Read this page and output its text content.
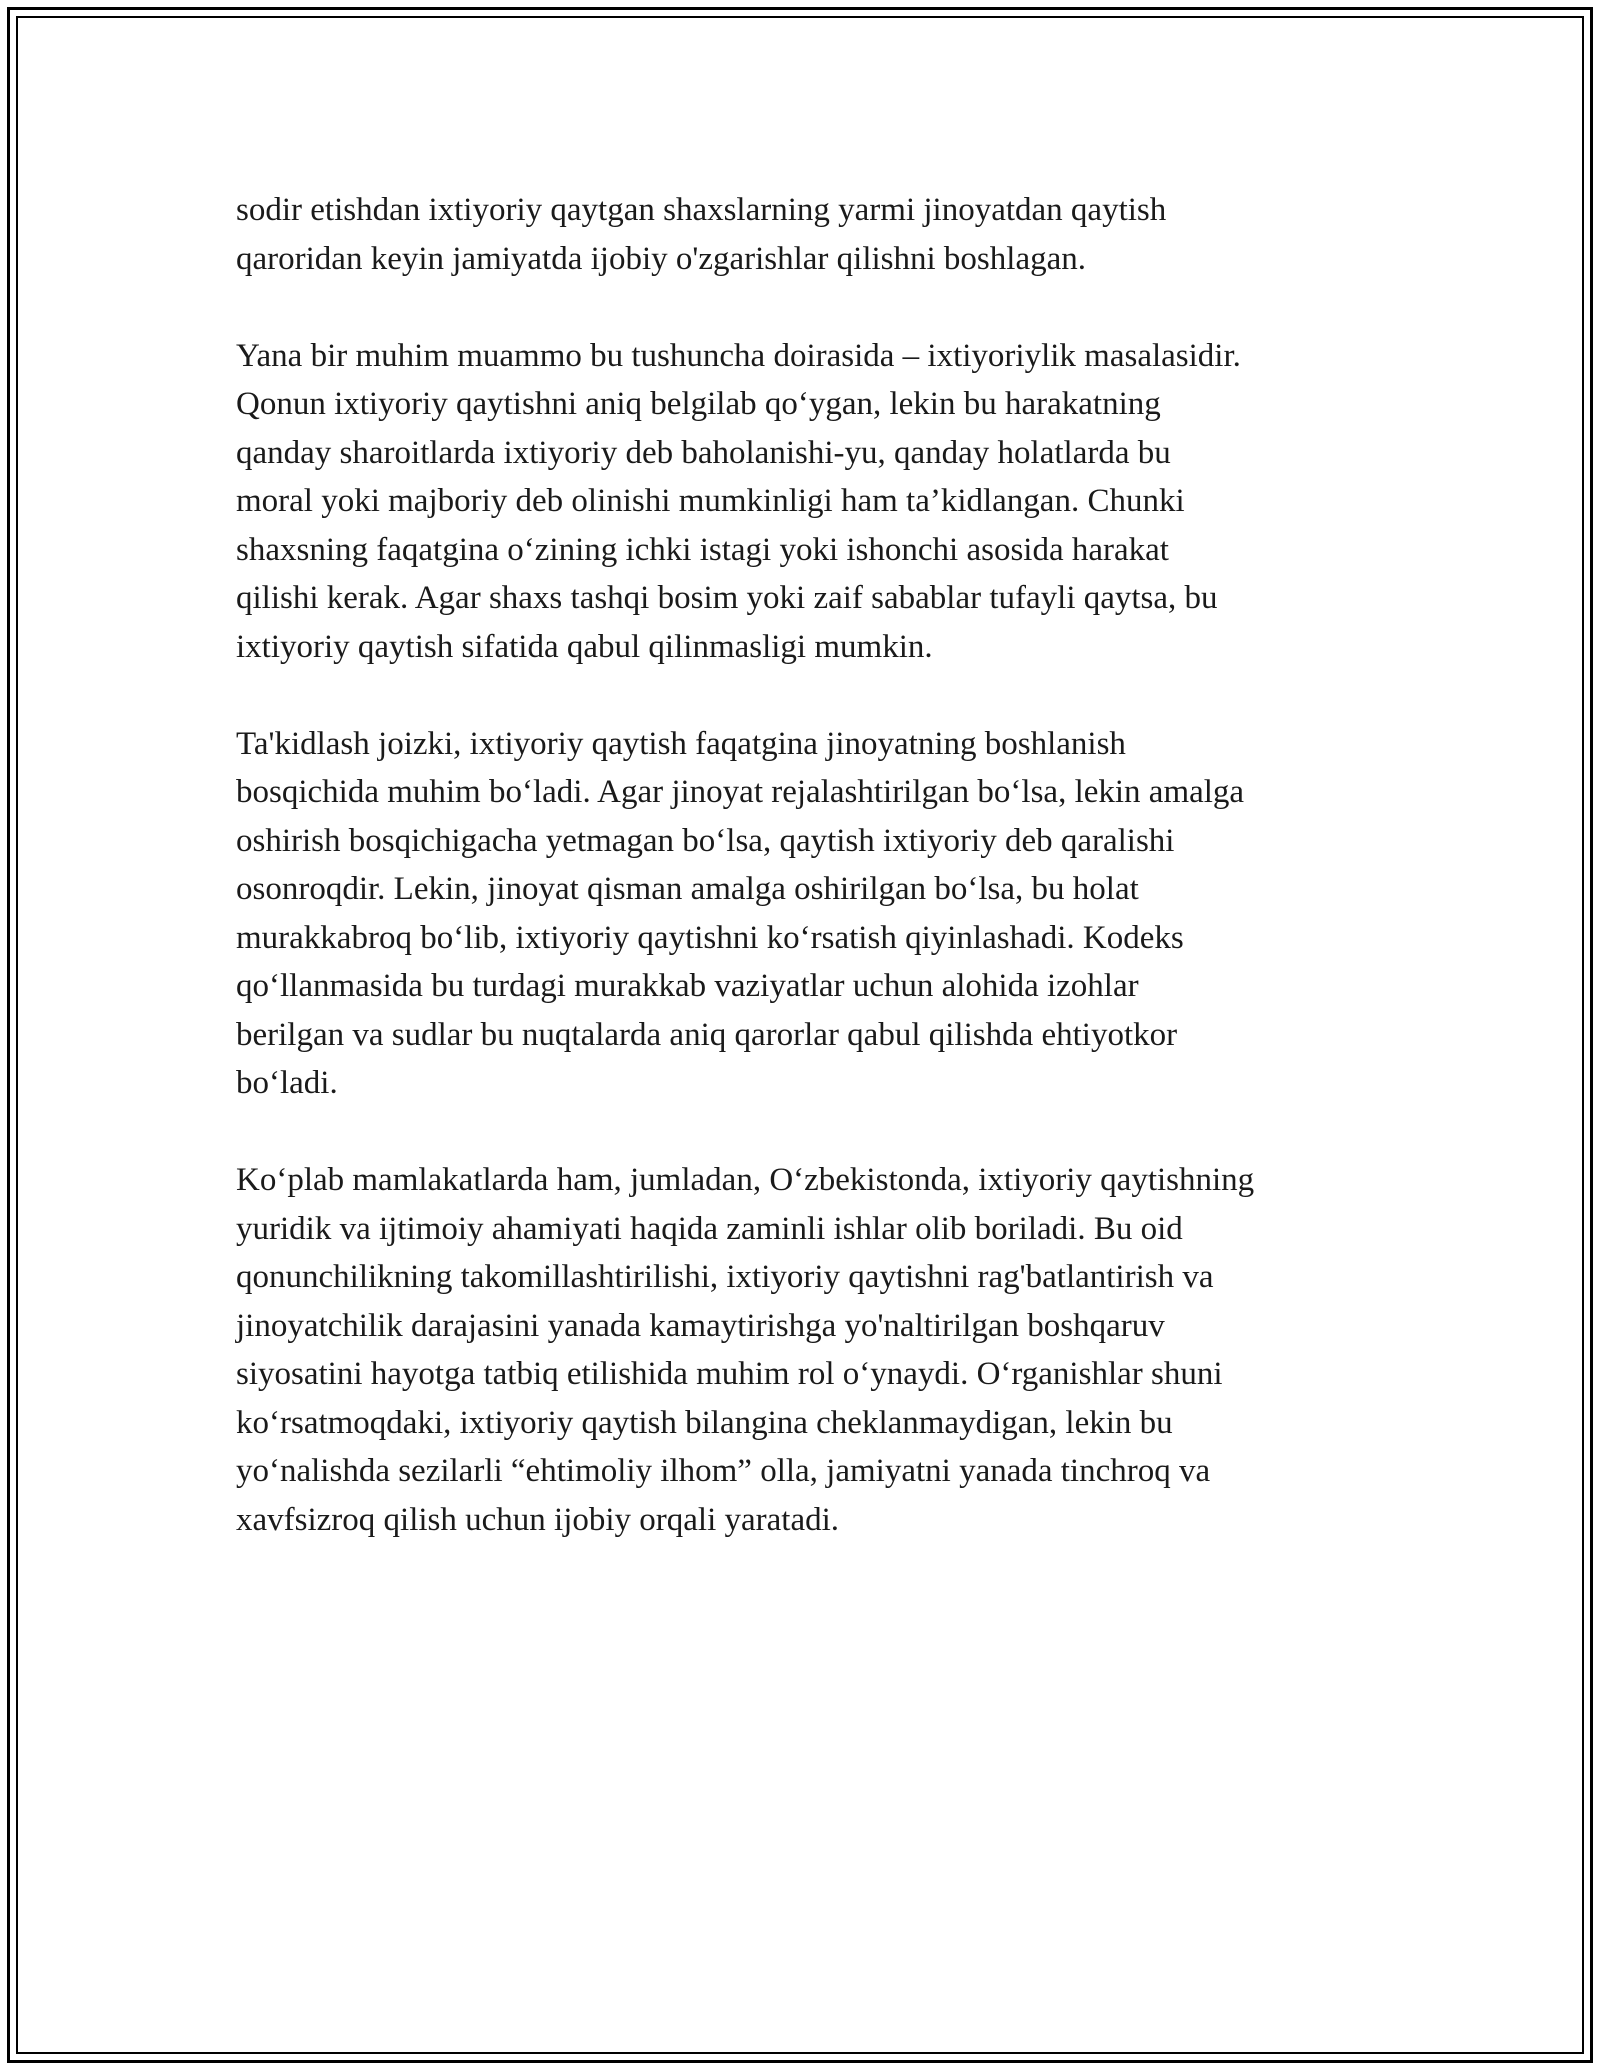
sodir etishdan ixtiyoriy qaytgan shaxslarning yarmi jinoyatdan qaytish
qaroridan keyin jamiyatda ijobiy o'zgarishlar qilishni boshlagan.

Yana bir muhim muammo bu tushuncha doirasida – ixtiyoriylik masalasidir.
Qonun ixtiyoriy qaytishni aniq belgilab qoʻygan, lekin bu harakatning
qanday sharoitlarda ixtiyoriy deb baholanishi-yu, qanday holatlarda bu
moral yoki majboriy deb olinishi mumkinligi ham ta’kidlangan. Chunki
shaxsning faqatgina oʻzining ichki istagi yoki ishonchi asosida harakat
qilishi kerak. Agar shaxs tashqi bosim yoki zaif sabablar tufayli qaytsa, bu
ixtiyoriy qaytish sifatida qabul qilinmasligi mumkin.

Ta'kidlash joizki, ixtiyoriy qaytish faqatgina jinoyatning boshlanish
bosqichida muhim boʻladi. Agar jinoyat rejalashtirilgan boʻlsa, lekin amalga
oshirish bosqichigacha yetmagan boʻlsa, qaytish ixtiyoriy deb qaralishi
osonroqdir. Lekin, jinoyat qisman amalga oshirilgan boʻlsa, bu holat
murakkabroq boʻlib, ixtiyoriy qaytishni koʻrsatish qiyinlashadi. Kodeks
qoʻllanmasida bu turdagi murakkab vaziyatlar uchun alohida izohlar
berilgan va sudlar bu nuqtalarda aniq qarorlar qabul qilishda ehtiyotkor
boʻladi.

Koʻplab mamlakatlarda ham, jumladan, Oʻzbekistonda, ixtiyoriy qaytishning
yuridik va ijtimoiy ahamiyati haqida zaminli ishlar olib boriladi. Bu oid
qonunchilikning takomillashtirilishi, ixtiyoriy qaytishni rag'batlantirish va
jinoyatchilik darajasini yanada kamaytirishga yo'naltirilgan boshqaruv
siyosatini hayotga tatbiq etilishida muhim rol oʻynaydi. Oʻrganishlar shuni
koʻrsatmoqdaki, ixtiyoriy qaytish bilangina cheklanmaydigan, lekin bu
yoʻnalishda sezilarli “ehtimoliy ilhom” olla, jamiyatni yanada tinchroq va
xavfsizroq qilish uchun ijobiy orqali yaratadi.
